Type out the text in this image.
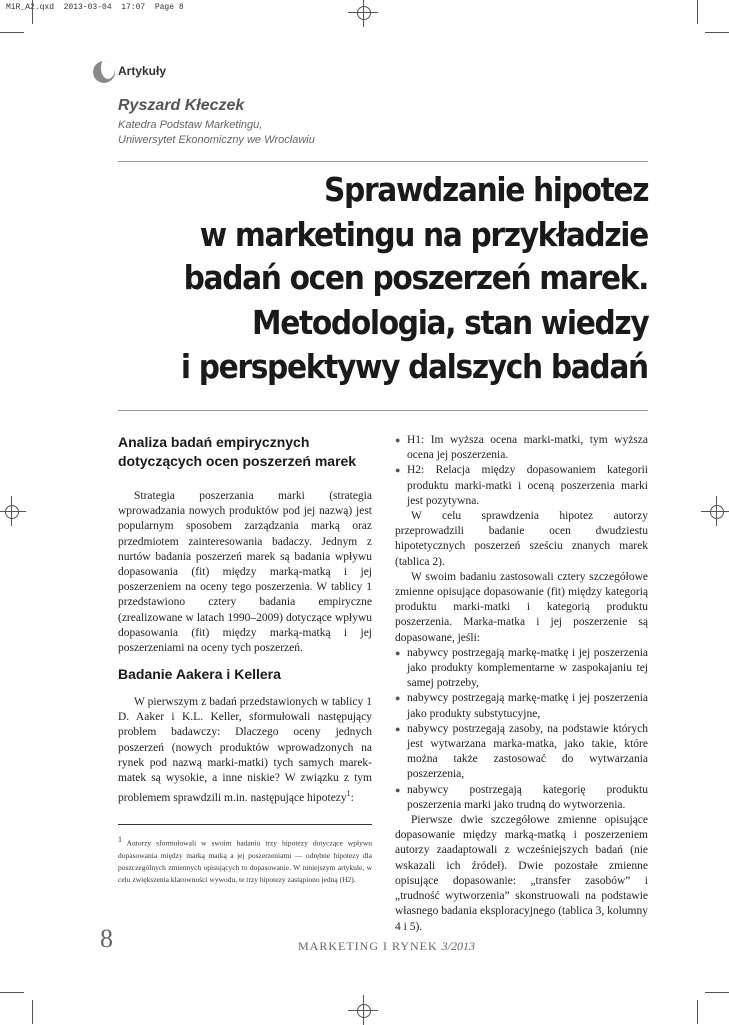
MiR_A2.qxd  2013-03-04  17:07  Page 8
Artykuły
Ryszard Kłeczek
Katedra Podstaw Marketingu,
Uniwersytet Ekonomiczny we Wrocławiu
Sprawdzanie hipotez
w marketingu na przykładzie
badań ocen poszerzeń marek.
Metodologia, stan wiedzy
i perspektywy dalszych badań
Analiza badań empirycznych
dotyczących ocen poszerzeń marek

Strategia poszerzania marki (strategia wprowadzania nowych produktów pod jej nazwą) jest popularnym sposobem zarządzania marką oraz przedmiotem zainteresowania badaczy. Jednym z nurtów badania poszerzeń marek są badania wpływu dopasowania (fit) między marką-matką i jej poszerzeniem na oceny tego poszerzenia. W tablicy 1 przedstawiono cztery badania empiryczne (zrealizowane w latach 1990–2009) dotyczące wpływu dopasowania (fit) między marką-matką i jej poszerzeniami na oceny tych poszerzeń.

Badanie Aakera i Kellera

W pierwszym z badań przedstawionych w tablicy 1 D. Aaker i K.L. Keller, sformułowali następujący problem badawczy: Dlaczego oceny jednych poszerzeń (nowych produktów wprowadzonych na rynek pod nazwą marki-matki) tych samych marek-matek są wysokie, a inne niskie? W związku z tym problemem sprawdzili m.in. następujące hipotezy$^1$:

$^1$ Autorzy sformułowali w swoim badaniu trzy hipotezy dotyczące wpływu dopasowania między marką matką a jej poszerzeniami — odrębne hipotezy dla poszczególnych zmiennych opisujących to dopasowanie. W niniejszym artykule, w celu zwiększenia klarowności wywodu, te trzy hipotezy zastąpiono jedną (H2).
● H1: Im wyższa ocena marki-matki, tym wyższa ocena jej poszerzenia.
● H2: Relacja między dopasowaniem kategorii produktu marki-matki i oceną poszerzenia marki jest pozytywna.

W celu sprawdzenia hipotez autorzy przeprowadzili badanie ocen dwudziestu hipotetycznych poszerzeń sześciu znanych marek (tablica 2).

W swoim badaniu zastosowali cztery szczegółowe zmienne opisujące dopasowanie (fit) między kategorią produktu marki-matki i kategorią produktu poszerzenia. Marka-matka i jej poszerzenie są dopasowane, jeśli:

● nabywcy postrzegają markę-matkę i jej poszerzenia jako produkty komplementarne w zaspokajaniu tej samej potrzeby,
● nabywcy postrzegają markę-matkę i jej poszerzenia jako produkty substytucyjne,
● nabywcy postrzegają zasoby, na podstawie których jest wytwarzana marka-matka, jako takie, które można także zastosować do wytwarzania poszerzenia,
● nabywcy postrzegają kategorię produktu poszerzenia marki jako trudną do wytworzenia.

Pierwsze dwie szczegółowe zmienne opisujące dopasowanie między marką-matką i poszerzeniem autorzy zaadaptowali z wcześniejszych badań (nie wskazali ich źródeł). Dwie pozostałe zmienne opisujące dopasowanie: „transfer zasobów” i „trudność wytworzenia” skonstruowali na podstawie własnego badania eksploracyjnego (tablica 3, kolumny 4 i 5).

8	MARKETING I RYNEK 3/2013
